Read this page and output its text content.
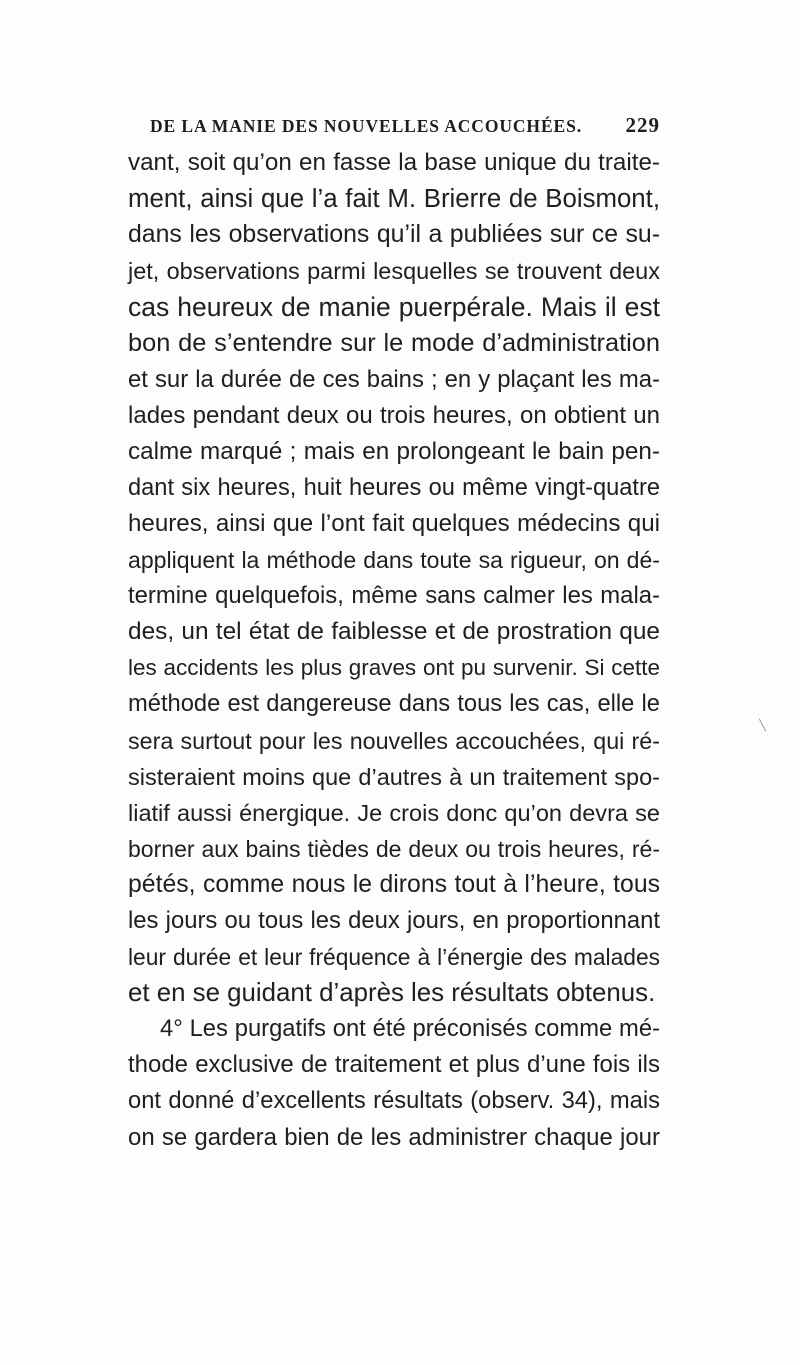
DE LA MANIE DES NOUVELLES ACCOUCHÉES. 229
vant, soit qu’on en fasse la base unique du traite-
ment, ainsi que l’a fait M. Brierre de Boismont,
dans les observations qu’il a publiées sur ce su-
jet, observations parmi lesquelles se trouvent deux
cas heureux de manie puerpérale. Mais il est
bon de s’entendre sur le mode d’administration
et sur la durée de ces bains ; en y plaçant les ma-
lades pendant deux ou trois heures, on obtient un
calme marqué ; mais en prolongeant le bain pen-
dant six heures, huit heures ou même vingt-quatre
heures, ainsi que l’ont fait quelques médecins qui
appliquent la méthode dans toute sa rigueur, on dé-
termine quelquefois, même sans calmer les mala-
des, un tel état de faiblesse et de prostration que
les accidents les plus graves ont pu survenir. Si cette
méthode est dangereuse dans tous les cas, elle le
sera surtout pour les nouvelles accouchées, qui ré-
sisteraient moins que d’autres à un traitement spo-
liatif aussi énergique. Je crois donc qu’on devra se
borner aux bains tièdes de deux ou trois heures, ré-
pétés, comme nous le dirons tout à l’heure, tous
les jours ou tous les deux jours, en proportionnant
leur durée et leur fréquence à l’énergie des malades
et en se guidant d’après les résultats obtenus.
4° Les purgatifs ont été préconisés comme mé-
thode exclusive de traitement et plus d’une fois ils
ont donné d’excellents résultats (observ. 34), mais
on se gardera bien de les administrer chaque jour
